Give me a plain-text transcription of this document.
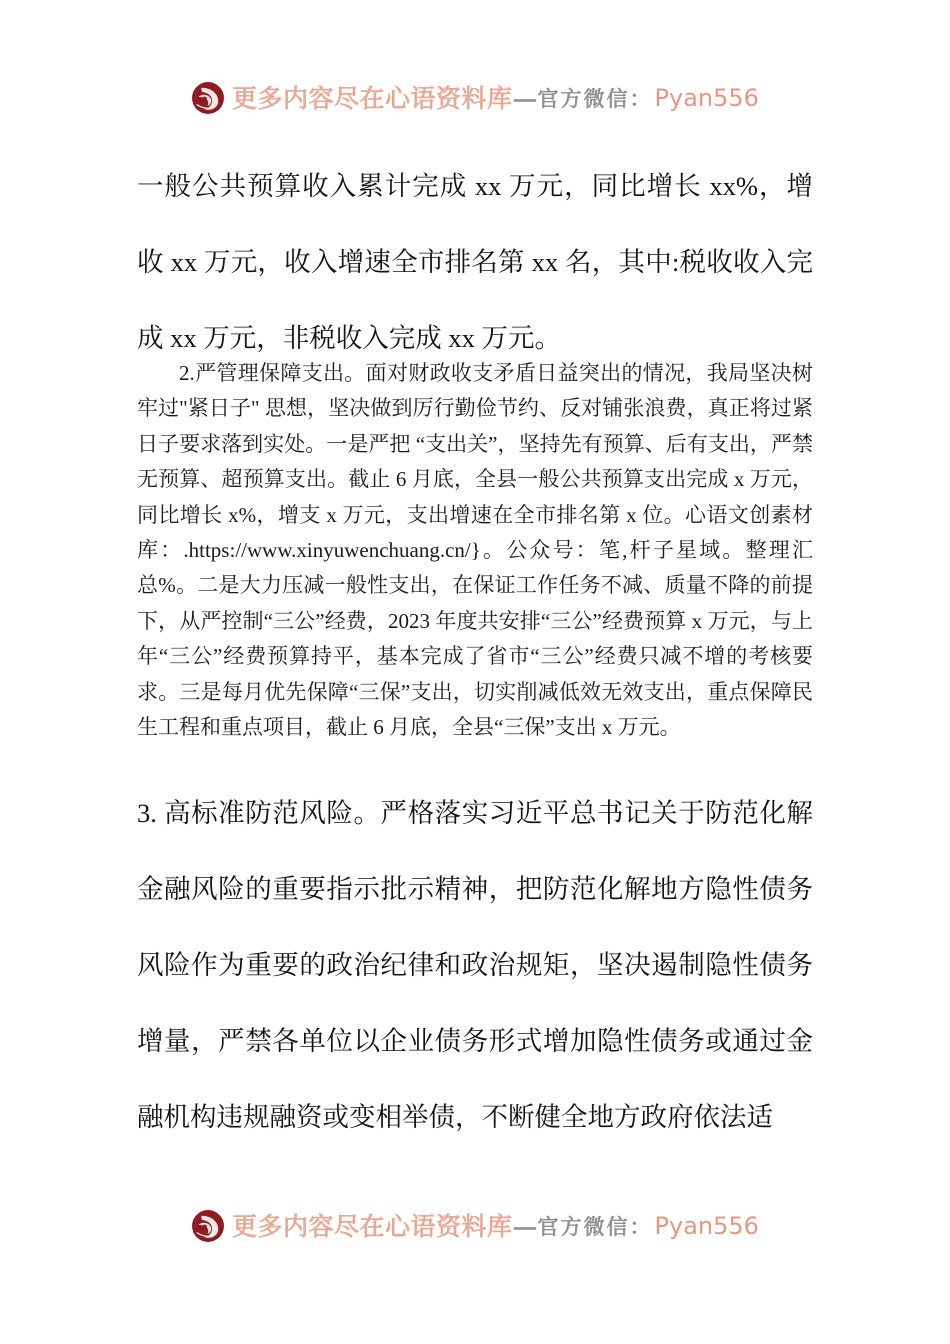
更多内容尽在心语资料库 — 官方微信： Pyan556

一般公共预算收入累计完成 xx 万元，同比增长 xx%，增收 xx 万元，收入增速全市排名第 xx 名，其中:税收收入完成 xx 万元，非税收入完成 xx 万元。

2.严管理保障支出。面对财政收支矛盾日益突出的情况，我局坚决树牢过"紧日子" 思想，坚决做到厉行勤俭节约、反对铺张浪费，真正将过紧日子要求落到实处。一是严把 “支出关”，坚持先有预算、后有支出，严禁无预算、超预算支出。截止 6 月底，全县一般公共预算支出完成 x 万元，同比增长 x%，增支 x 万元，支出增速在全市排名第 x 位。心语文创素材库：.https://www.xinyuwenchuang.cn/}。公众号：笔,杆子星域。整理汇总%。二是大力压减一般性支出，在保证工作任务不减、质量不降的前提下，从严控制“三公”经费，2023 年度共安排“三公”经费预算 x 万元，与上年“三公”经费预算持平，基本完成了省市“三公”经费只减不增的考核要求。三是每月优先保障“三保”支出，切实削减低效无效支出，重点保障民生工程和重点项目，截止 6 月底，全县“三保”支出 x 万元。

3. 高标准防范风险。严格落实习近平总书记关于防范化解金融风险的重要指示批示精神，把防范化解地方隐性债务风险作为重要的政治纪律和政治规矩，坚决遏制隐性债务增量，严禁各单位以企业债务形式增加隐性债务或通过金融机构违规融资或变相举债，不断健全地方政府依法适

更多内容尽在心语资料库 — 官方微信： Pyan556
